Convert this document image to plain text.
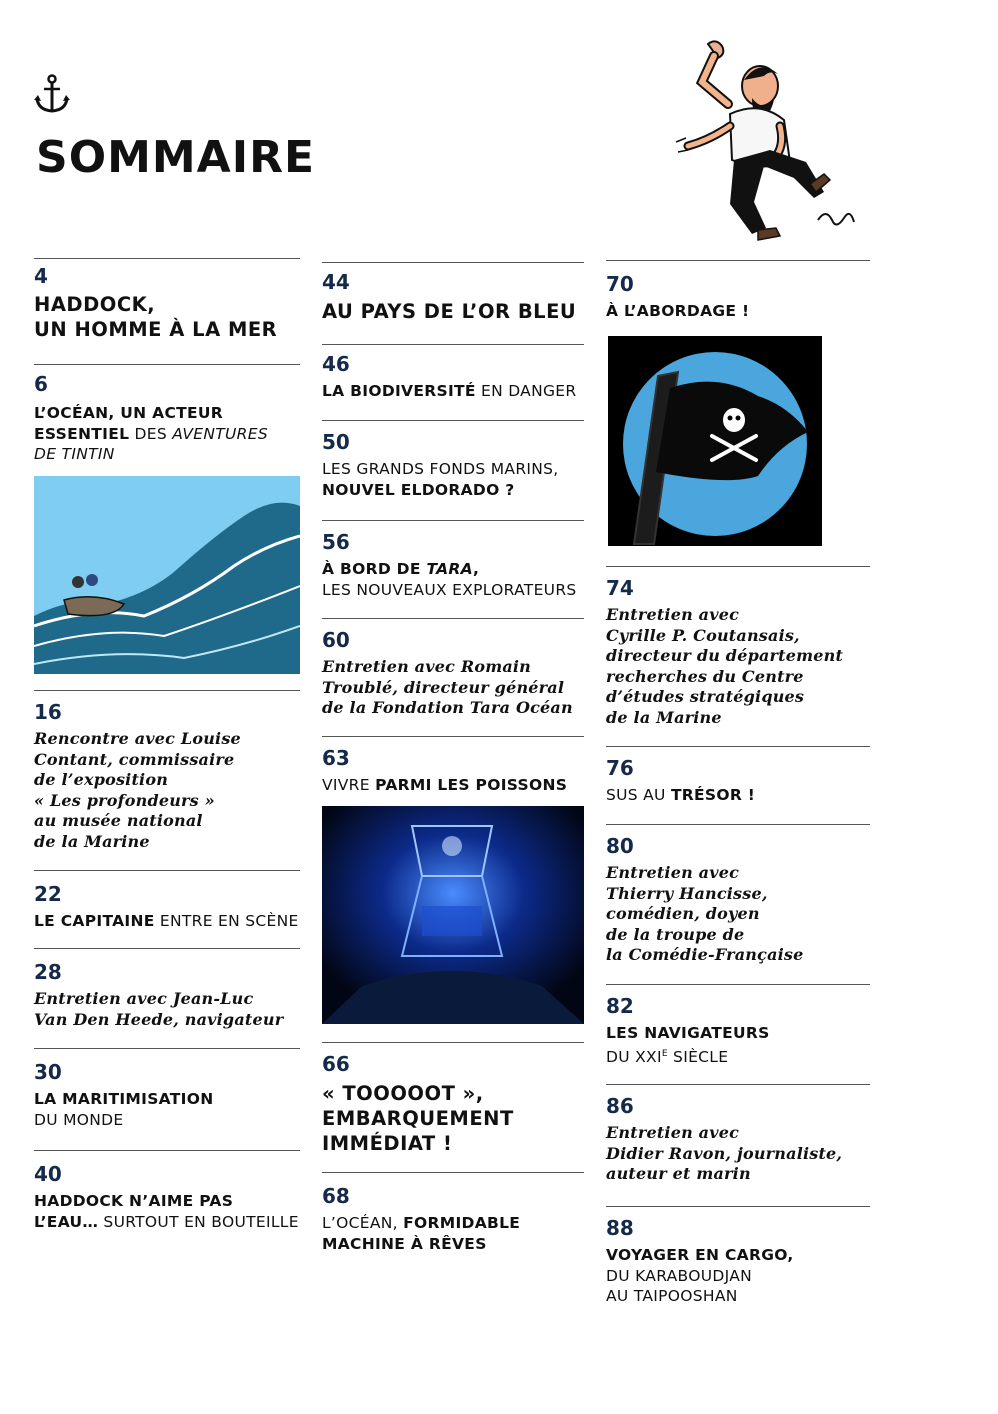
SOMMAIRE
4
HADDOCK,
UN HOMME À LA MER
6
L’OCÉAN, UN ACTEUR
ESSENTIEL DES AVENTURES
DE TINTIN
16
Rencontre avec Louise
Contant, commissaire
de l’exposition
« Les profondeurs »
au musée national
de la Marine
22
LE CAPITAINE ENTRE EN SCÈNE
28
Entretien avec Jean-Luc
Van Den Heede, navigateur
30
LA MARITIMISATION
DU MONDE
40
HADDOCK N’AIME PAS
L’EAU… SURTOUT EN BOUTEILLE
44
AU PAYS DE L’OR BLEU
46
LA BIODIVERSITÉ EN DANGER
50
LES GRANDS FONDS MARINS,
NOUVEL ELDORADO ?
56
À BORD DE TARA,
LES NOUVEAUX EXPLORATEURS
60
Entretien avec Romain
Troublé, directeur général
de la Fondation Tara Océan
63
VIVRE PARMI LES POISSONS
66
« TOOOOOT »,
EMBARQUEMENT
IMMÉDIAT !
68
L’OCÉAN, FORMIDABLE
MACHINE À RÊVES
70
À L’ABORDAGE !
74
Entretien avec
Cyrille P. Coutansais,
directeur du département
recherches du Centre
d’études stratégiques
de la Marine
76
SUS AU TRÉSOR !
80
Entretien avec
Thierry Hancisse,
comédien, doyen
de la troupe de
la Comédie-Française
82
LES NAVIGATEURS
DU $XXI^E$ SIÈCLE
86
Entretien avec
Didier Ravon, journaliste,
auteur et marin
88
VOYAGER EN CARGO,
DU KARABOUDJAN
AU TAIPOOSHAN
